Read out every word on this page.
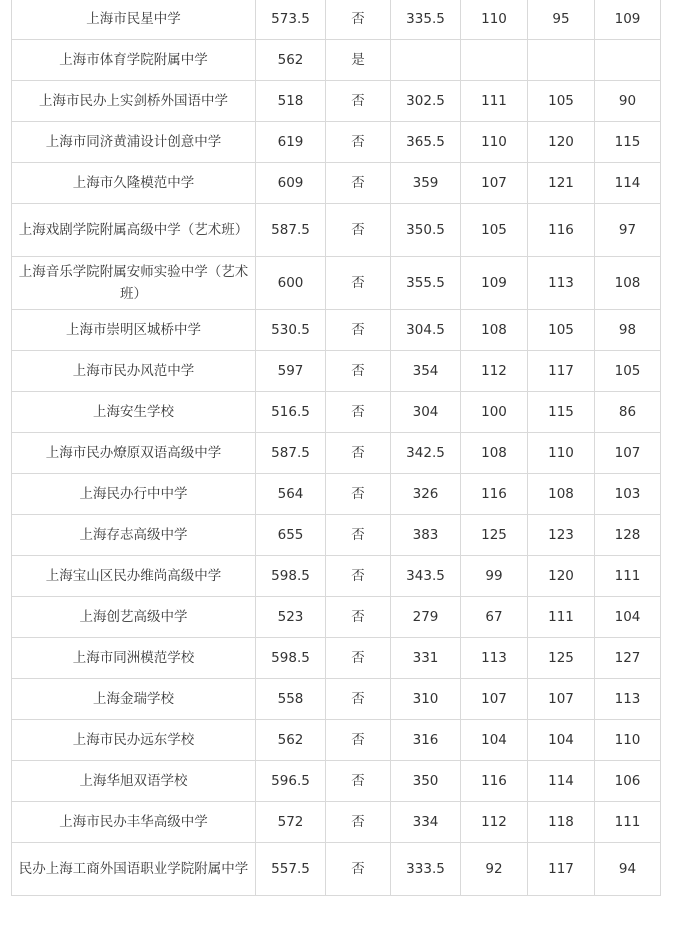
上海市民星中学	573.5	否	335.5	110	95	109
上海市体育学院附属中学	562	是				
上海市民办上实剑桥外国语中学	518	否	302.5	111	105	90
上海市同济黄浦设计创意中学	619	否	365.5	110	120	115
上海市久隆模范中学	609	否	359	107	121	114
上海戏剧学院附属高级中学（艺术班）	587.5	否	350.5	105	116	97
上海音乐学院附属安师实验中学（艺术班）	600	否	355.5	109	113	108
上海市崇明区城桥中学	530.5	否	304.5	108	105	98
上海市民办风范中学	597	否	354	112	117	105
上海安生学校	516.5	否	304	100	115	86
上海市民办燎原双语高级中学	587.5	否	342.5	108	110	107
上海民办行中中学	564	否	326	116	108	103
上海存志高级中学	655	否	383	125	123	128
上海宝山区民办维尚高级中学	598.5	否	343.5	99	120	111
上海创艺高级中学	523	否	279	67	111	104
上海市同洲模范学校	598.5	否	331	113	125	127
上海金瑞学校	558	否	310	107	107	113
上海市民办远东学校	562	否	316	104	104	110
上海华旭双语学校	596.5	否	350	116	114	106
上海市民办丰华高级中学	572	否	334	112	118	111
民办上海工商外国语职业学院附属中学	557.5	否	333.5	92	117	94
